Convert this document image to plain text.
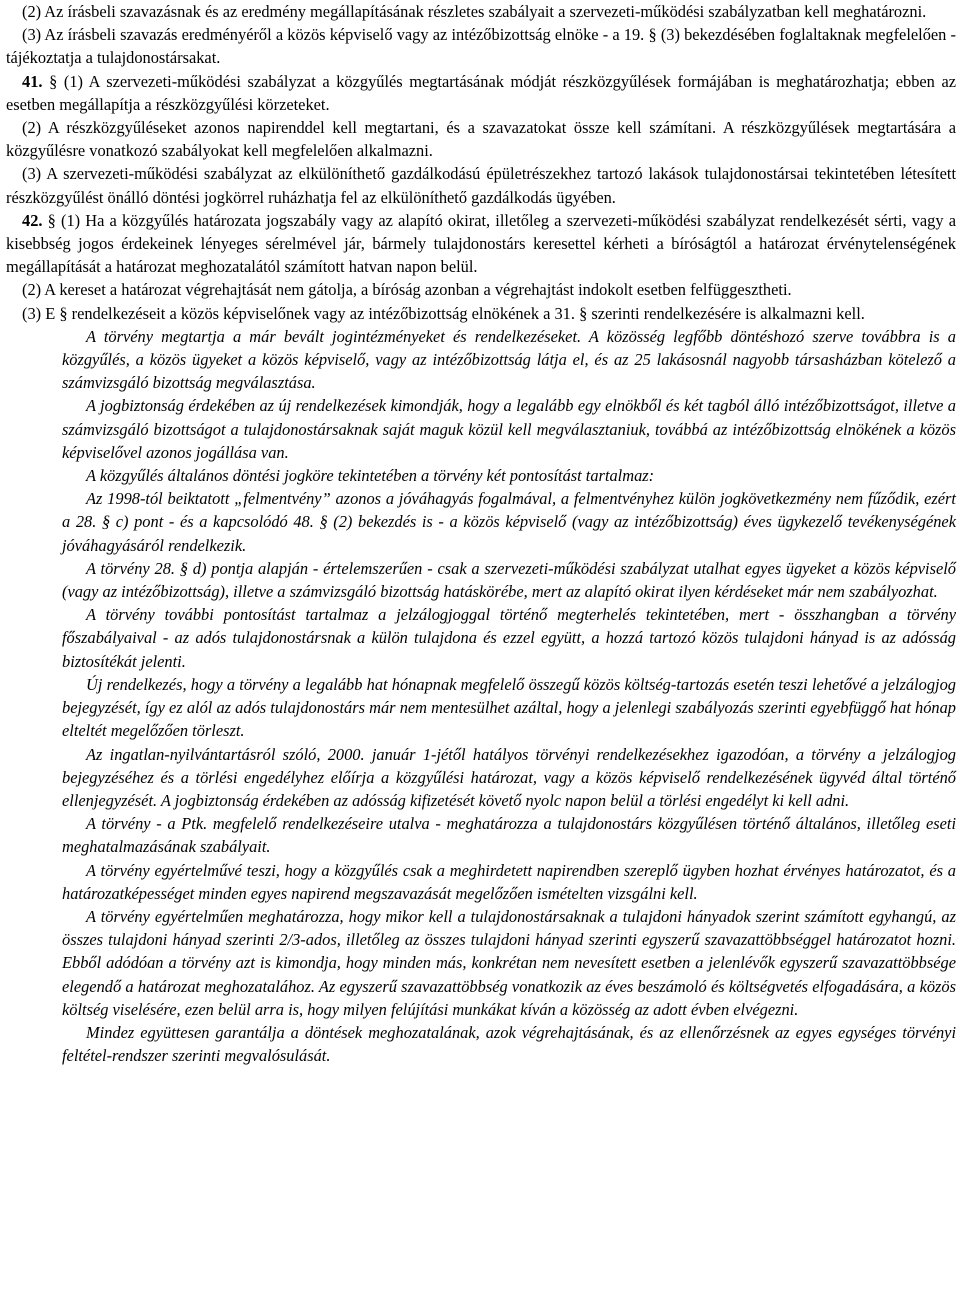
(2) Az írásbeli szavazásnak és az eredmény megállapításának részletes szabályait a szervezeti-működési szabályzatban kell meghatározni.

(3) Az írásbeli szavazás eredményéről a közös képviselő vagy az intézőbizottság elnöke - a 19. § (3) bekezdésében foglaltaknak megfelelően - tájékoztatja a tulajdonostársakat.

41. § (1) A szervezeti-működési szabályzat a közgyűlés megtartásának módját részközgyűlések formájában is meghatározhatja; ebben az esetben megállapítja a részközgyűlési körzeteket.

(2) A részközgyűléseket azonos napirenddel kell megtartani, és a szavazatokat össze kell számítani. A részközgyűlések megtartására a közgyűlésre vonatkozó szabályokat kell megfelelően alkalmazni.

(3) A szervezeti-működési szabályzat az elkülöníthető gazdálkodású épületrészekhez tartozó lakások tulajdonostársai tekintetében létesített részközgyűlést önálló döntési jogkörrel ruházhatja fel az elkülöníthető gazdálkodás ügyében.

42. § (1) Ha a közgyűlés határozata jogszabály vagy az alapító okirat, illetőleg a szervezeti-működési szabályzat rendelkezését sérti, vagy a kisebbség jogos érdekeinek lényeges sérelmével jár, bármely tulajdonostárs keresettel kérheti a bíróságtól a határozat érvénytelenségének megállapítását a határozat meghozatalától számított hatvan napon belül.

(2) A kereset a határozat végrehajtását nem gátolja, a bíróság azonban a végrehajtást indokolt esetben felfüggesztheti.

(3) E § rendelkezéseit a közös képviselőnek vagy az intézőbizottság elnökének a 31. § szerinti rendelkezésére is alkalmazni kell.

A törvény megtartja a már bevált jogintézményeket és rendelkezéseket. A közösség legfőbb döntéshozó szerve továbbra is a közgyűlés, a közös ügyeket a közös képviselő, vagy az intézőbizottság látja el, és az 25 lakásosnál nagyobb társasházban kötelező a számvizsgáló bizottság megválasztása.

A jogbiztonság érdekében az új rendelkezések kimondják, hogy a legalább egy elnökből és két tagból álló intézőbizottságot, illetve a számvizsgáló bizottságot a tulajdonostársaknak saját maguk közül kell megválasztaniuk, továbbá az intézőbizottság elnökének a közös képviselővel azonos jogállása van.

A közgyűlés általános döntési jogköre tekintetében a törvény két pontosítást tartalmaz:

Az 1998-tól beiktatott „felmentvény” azonos a jóváhagyás fogalmával, a felmentvényhez külön jogkövetkezmény nem fűződik, ezért a 28. § c) pont - és a kapcsolódó 48. § (2) bekezdés is - a közös képviselő (vagy az intézőbizottság) éves ügykezelő tevékenységének jóváhagyásáról rendelkezik.

A törvény 28. § d) pontja alapján - értelemszerűen - csak a szervezeti-működési szabályzat utalhat egyes ügyeket a közös képviselő (vagy az intézőbizottság), illetve a számvizsgáló bizottság hatáskörébe, mert az alapító okirat ilyen kérdéseket már nem szabályozhat.

A törvény további pontosítást tartalmaz a jelzálogjoggal történő megterhelés tekintetében, mert - összhangban a törvény főszabályaival - az adós tulajdonostársnak a külön tulajdona és ezzel együtt, a hozzá tartozó közös tulajdoni hányad is az adósság biztosítékát jelenti.

Új rendelkezés, hogy a törvény a legalább hat hónapnak megfelelő összegű közös költség-tartozás esetén teszi lehetővé a jelzálogjog bejegyzését, így ez alól az adós tulajdonostárs már nem mentesülhet azáltal, hogy a jelenlegi szabályozás szerinti egyebfüggő hat hónap elteltét megelőzően törleszt.

Az ingatlan-nyilvántartásról szóló, 2000. január 1-jétől hatályos törvényi rendelkezésekhez igazodóan, a törvény a jelzálogjog bejegyzéséhez és a törlési engedélyhez előírja a közgyűlési határozat, vagy a közös képviselő rendelkezésének ügyvéd által történő ellenjegyzését. A jogbiztonság érdekében az adósság kifizetését követő nyolc napon belül a törlési engedélyt ki kell adni.

A törvény - a Ptk. megfelelő rendelkezéseire utalva - meghatározza a tulajdonostárs közgyűlésen történő általános, illetőleg eseti meghatalmazásának szabályait.

A törvény egyértelművé teszi, hogy a közgyűlés csak a meghirdetett napirendben szereplő ügyben hozhat érvényes határozatot, és a határozatképességet minden egyes napirend megszavazását megelőzően ismételten vizsgálni kell.

A törvény egyértelműen meghatározza, hogy mikor kell a tulajdonostársaknak a tulajdoni hányadok szerint számított egyhangú, az összes tulajdoni hányad szerinti 2/3-ados, illetőleg az összes tulajdoni hányad szerinti egyszerű szavazattöbbséggel határozatot hozni. Ebből adódóan a törvény azt is kimondja, hogy minden más, konkrétan nem nevesített esetben a jelenlévők egyszerű szavazattöbbsége elegendő a határozat meghozatalához. Az egyszerű szavazattöbbség vonatkozik az éves beszámoló és költségvetés elfogadására, a közös költség viselésére, ezen belül arra is, hogy milyen felújítási munkákat kíván a közösség az adott évben elvégezni.

Mindez együttesen garantálja a döntések meghozatalának, azok végrehajtásának, és az ellenőrzésnek az egyes egységes törvényi feltétel-rendszer szerinti megvalósulását.
